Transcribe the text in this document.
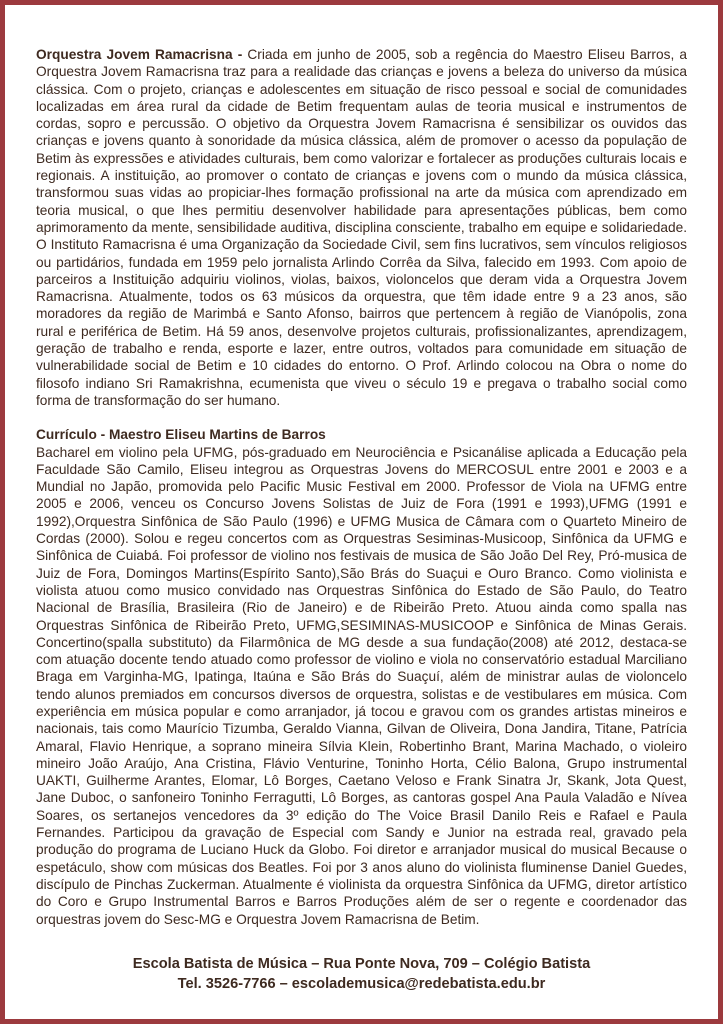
Orquestra Jovem Ramacrisna - Criada em junho de 2005, sob a regência do Maestro Eliseu Barros, a Orquestra Jovem Ramacrisna traz para a realidade das crianças e jovens a beleza do universo da música clássica. Com o projeto, crianças e adolescentes em situação de risco pessoal e social de comunidades localizadas em área rural da cidade de Betim frequentam aulas de teoria musical e instrumentos de cordas, sopro e percussão. O objetivo da Orquestra Jovem Ramacrisna é sensibilizar os ouvidos das crianças e jovens quanto à sonoridade da música clássica, além de promover o acesso da população de Betim às expressões e atividades culturais, bem como valorizar e fortalecer as produções culturais locais e regionais. A instituição, ao promover o contato de crianças e jovens com o mundo da música clássica, transformou suas vidas ao propiciar-lhes formação profissional na arte da música com aprendizado em teoria musical, o que lhes permitiu desenvolver habilidade para apresentações públicas, bem como aprimoramento da mente, sensibilidade auditiva, disciplina consciente, trabalho em equipe e solidariedade. O Instituto Ramacrisna é uma Organização da Sociedade Civil, sem fins lucrativos, sem vínculos religiosos ou partidários, fundada em 1959 pelo jornalista Arlindo Corrêa da Silva, falecido em 1993. Com apoio de parceiros a Instituição adquiriu violinos, violas, baixos, violoncelos que deram vida a Orquestra Jovem Ramacrisna. Atualmente, todos os 63 músicos da orquestra, que têm idade entre 9 a 23 anos, são moradores da região de Marimbá e Santo Afonso, bairros que pertencem à região de Vianópolis, zona rural e periférica de Betim. Há 59 anos, desenvolve projetos culturais, profissionalizantes, aprendizagem, geração de trabalho e renda, esporte e lazer, entre outros, voltados para comunidade em situação de vulnerabilidade social de Betim e 10 cidades do entorno. O Prof. Arlindo colocou na Obra o nome do filosofo indiano Sri Ramakrishna, ecumenista que viveu o século 19 e pregava o trabalho social como forma de transformação do ser humano.

Currículo - Maestro Eliseu Martins de Barros

Bacharel em violino pela UFMG, pós-graduado em Neurociência e Psicanálise aplicada a Educação pela Faculdade São Camilo, Eliseu integrou as Orquestras Jovens do MERCOSUL entre 2001 e 2003 e a Mundial no Japão, promovida pelo Pacific Music Festival em 2000. Professor de Viola na UFMG entre 2005 e 2006, venceu os Concurso Jovens Solistas de Juiz de Fora (1991 e 1993),UFMG (1991 e 1992),Orquestra Sinfônica de São Paulo (1996) e UFMG Musica de Câmara com o Quarteto Mineiro de Cordas (2000). Solou e regeu concertos com as Orquestras Sesiminas-Musicoop, Sinfônica da UFMG e Sinfônica de Cuiabá. Foi professor de violino nos festivais de musica de São João Del Rey, Pró-musica de Juiz de Fora, Domingos Martins(Espírito Santo),São Brás do Suaçui e Ouro Branco. Como violinista e violista atuou como musico convidado nas Orquestras Sinfônica do Estado de São Paulo, do Teatro Nacional de Brasília, Brasileira (Rio de Janeiro) e de Ribeirão Preto. Atuou ainda como spalla nas Orquestras Sinfônica de Ribeirão Preto, UFMG,SESIMINAS-MUSICOOP e Sinfônica de Minas Gerais. Concertino(spalla substituto) da Filarmônica de MG desde a sua fundação(2008) até 2012, destaca-se com atuação docente tendo atuado como professor de violino e viola no conservatório estadual Marciliano Braga em Varginha-MG, Ipatinga, Itaúna e São Brás do Suaçuí, além de ministrar aulas de violoncelo tendo alunos premiados em concursos diversos de orquestra, solistas e de vestibulares em música. Com experiência em música popular e como arranjador, já tocou e gravou com os grandes artistas mineiros e nacionais, tais como Maurício Tizumba, Geraldo Vianna, Gilvan de Oliveira, Dona Jandira, Titane, Patrícia Amaral, Flavio Henrique, a soprano mineira Sílvia Klein, Robertinho Brant, Marina Machado, o violeiro mineiro João Araújo, Ana Cristina, Flávio Venturine, Toninho Horta, Célio Balona, Grupo instrumental UAKTI, Guilherme Arantes, Elomar, Lô Borges, Caetano Veloso e Frank Sinatra Jr, Skank, Jota Quest, Jane Duboc, o sanfoneiro Toninho Ferragutti, Lô Borges, as cantoras gospel Ana Paula Valadão e Nívea Soares, os sertanejos vencedores da 3º edição do The Voice Brasil Danilo Reis e Rafael e Paula Fernandes. Participou da gravação de Especial com Sandy e Junior na estrada real, gravado pela produção do programa de Luciano Huck da Globo. Foi diretor e arranjador musical do musical Because o espetáculo, show com músicas dos Beatles. Foi por 3 anos aluno do violinista fluminense Daniel Guedes, discípulo de Pinchas Zuckerman. Atualmente é violinista da orquestra Sinfônica da UFMG, diretor artístico do Coro e Grupo Instrumental Barros e Barros Produções além de ser o regente e coordenador das orquestras jovem do Sesc-MG e Orquestra Jovem Ramacrisna de Betim.

Escola Batista de Música – Rua Ponte Nova, 709 – Colégio Batista
Tel. 3526-7766 – escolademusica@redebatista.edu.br
